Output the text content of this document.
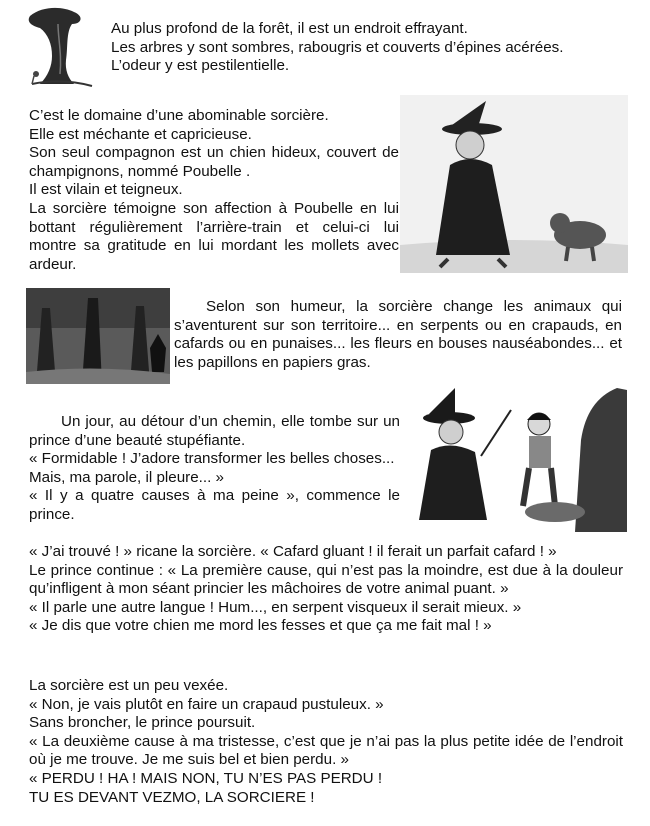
Au plus profond de la forêt, il est un endroit effrayant.

Les arbres y sont sombres, rabougris et couverts d’épines acérées.

L’odeur y est pestilentielle.

C’est le domaine d’une abominable sorcière.

Elle est méchante et capricieuse.

Son seul compagnon est un chien hideux, couvert de champignons, nommé Poubelle .

Il est vilain et teigneux.

La sorcière témoigne son affection à Poubelle en lui bottant régulièrement l’arrière-train et celui-ci lui montre sa gratitude en lui mordant les mollets avec ardeur.

Selon son humeur, la sorcière change les animaux qui s’aventurent sur son territoire... en serpents ou en crapauds, en cafards ou en punaises... les fleurs en bouses nauséabondes... et les papillons en papiers gras.

Un jour, au détour d’un chemin, elle tombe sur un prince d’une beauté stupéfiante.

« Formidable ! J’adore transformer les belles choses...

Mais, ma parole, il pleure... »

« Il y a quatre causes à ma peine », commence le prince.

« J’ai trouvé ! » ricane la sorcière. « Cafard gluant ! il ferait un parfait cafard ! »

Le prince continue : « La première cause, qui n’est pas la moindre, est due à la douleur qu’infligent à mon séant princier les mâchoires de votre animal puant. »

« Il parle une autre langue ! Hum..., en serpent visqueux il serait mieux. »

« Je dis que votre chien me mord les fesses et que ça me fait mal ! »

La sorcière est un peu vexée.

« Non, je vais plutôt en faire un crapaud pustuleux. »

Sans broncher, le prince poursuit.

« La deuxième cause à ma tristesse, c’est que je n’ai pas la plus petite idée de l’endroit où je me trouve. Je me suis bel et bien perdu. »

« PERDU ! HA ! MAIS NON, TU N’ES PAS PERDU !

TU ES DEVANT VEZMO, LA SORCIERE !
